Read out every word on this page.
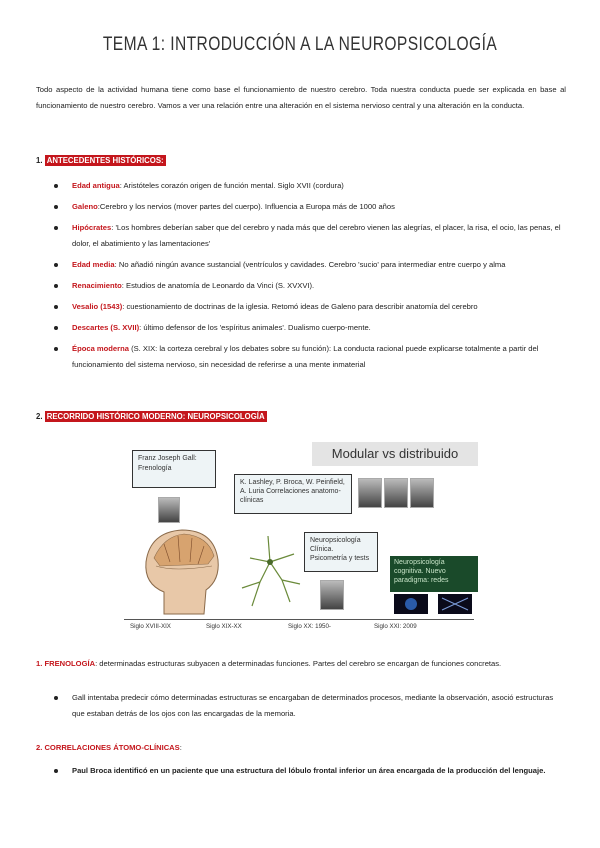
TEMA 1: INTRODUCCIÓN A LA NEUROPSICOLOGÍA

Todo aspecto de la actividad humana tiene como base el funcionamiento de nuestro cerebro. Toda nuestra conducta puede ser explicada en base al funcionamiento de nuestro cerebro. Vamos a ver una relación entre una alteración en el sistema nervioso central y una alteración en la conducta.

1. ANTECEDENTES HISTÓRICOS:
Edad antigua: Aristóteles corazón origen de función mental. Siglo XVII (cordura)
Galeno:Cerebro y los nervios (mover partes del cuerpo). Influencia a Europa más de 1000 años
Hipócrates: 'Los hombres deberían saber que del cerebro y nada más que del cerebro vienen las alegrías, el placer, la risa, el ocio, las penas, el dolor, el abatimiento y las lamentaciones'
Edad media: No añadió ningún avance sustancial (ventrículos y cavidades. Cerebro 'sucio' para intermediar entre cuerpo y alma
Renacimiento: Estudios de anatomía de Leonardo da Vinci (S. XVXVI).
Vesalio (1543): cuestionamiento de doctrinas de la iglesia. Retomó ideas de Galeno para describir anatomía del cerebro
Descartes (S. XVII): último defensor de los 'espíritus animales'. Dualismo cuerpo-mente.
Época moderna (S. XIX: la corteza cerebral y los debates sobre su función): La conducta racional puede explicarse totalmente a partir del funcionamiento del sistema nervioso, sin necesidad de referirse a una mente inmaterial
2. RECORRIDO HISTÓRICO MODERNO: NEUROPSICOLOGÍA
Modular vs distribuido
Franz Joseph Gall: Frenología
K. Lashley, P. Broca, W. Peinfield, A. Luria Correlaciones anatomo-clínicas
Neuropsicología Clínica. Psicometría y tests
Neuropsicología cognitiva. Nuevo paradigma: redes
Siglo XVIII-XIX	Siglo XIX-XX	Siglo XX: 1950-	Siglo XXI: 2009
1. FRENOLOGÍA: determinadas estructuras subyacen a determinadas funciones. Partes del cerebro se encargan de funciones concretas.
Gall intentaba predecir cómo determinadas estructuras se encargaban de determinados procesos, mediante la observación, asoció estructuras que estaban detrás de los ojos con las encargadas de la memoria.
2. CORRELACIONES ÁTOMO-CLÍNICAS:
Paul Broca identificó en un paciente que una estructura del lóbulo frontal inferior un área encargada de la producción del lenguaje.
